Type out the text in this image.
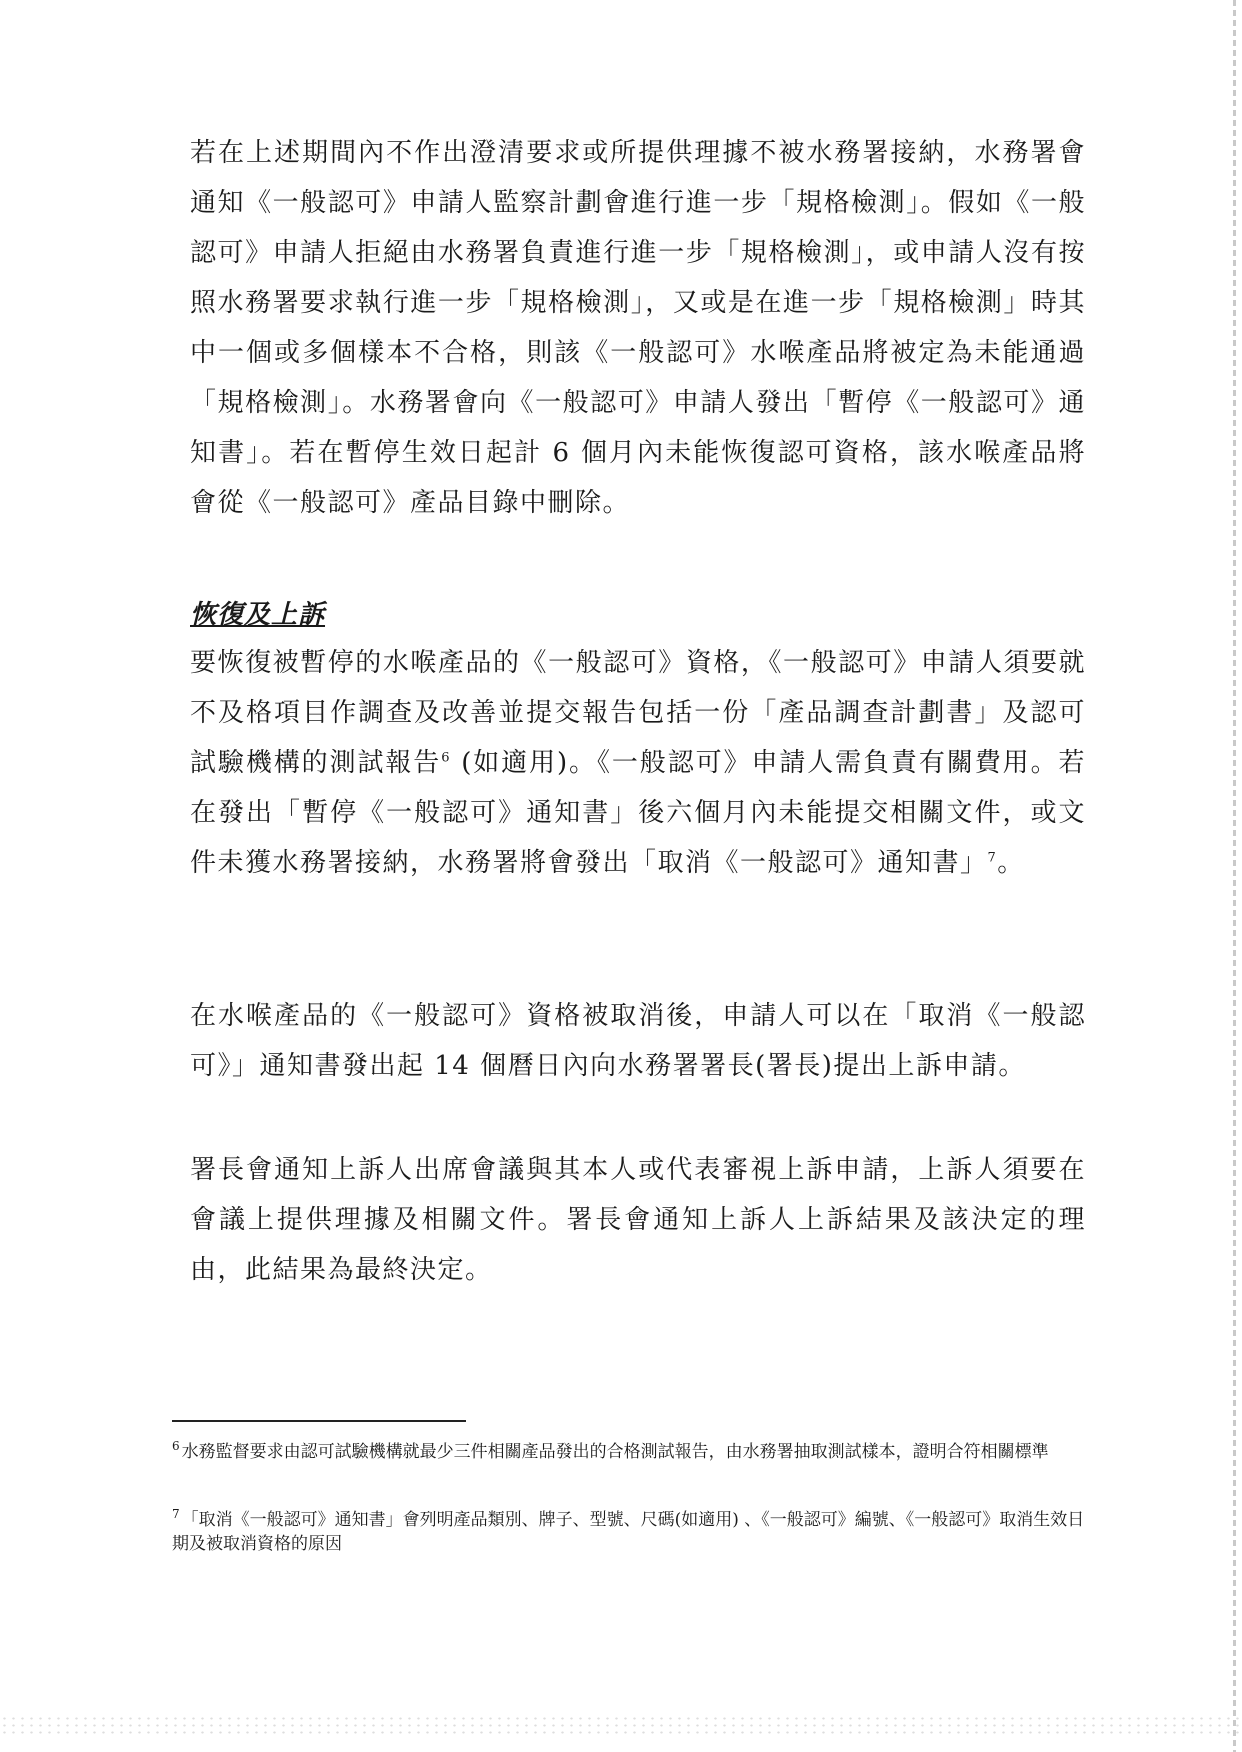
若在上述期間內不作出澄清要求或所提供理據不被水務署接納，水務署會通知《一般認可》申請人監察計劃會進行進一步「規格檢測」。假如《一般認可》申請人拒絕由水務署負責進行進一步「規格檢測」，或申請人沒有按照水務署要求執行進一步「規格檢測」，又或是在進一步「規格檢測」時其中一個或多個樣本不合格，則該《一般認可》水喉產品將被定為未能通過「規格檢測」。水務署會向《一般認可》申請人發出「暫停《一般認可》通知書」。若在暫停生效日起計 6 個月內未能恢復認可資格，該水喉產品將會從《一般認可》產品目錄中刪除。

恢復及上訴

要恢復被暫停的水喉產品的《一般認可》資格，《一般認可》申請人須要就不及格項目作調查及改善並提交報告包括一份「產品調查計劃書」及認可試驗機構的測試報告$^6$ (如適用)。《一般認可》申請人需負責有關費用。若在發出「暫停《一般認可》通知書」後六個月內未能提交相關文件，或文件未獲水務署接納，水務署將會發出「取消《一般認可》通知書」$^7$。

在水喉產品的《一般認可》資格被取消後，申請人可以在「取消《一般認可》」通知書發出起 14 個曆日內向水務署署長(署長)提出上訴申請。

署長會通知上訴人出席會議與其本人或代表審視上訴申請，上訴人須要在會議上提供理據及相關文件。署長會通知上訴人上訴結果及該決定的理由，此結果為最終決定。

$^6$ 水務監督要求由認可試驗機構就最少三件相關產品發出的合格測試報告，由水務署抽取測試樣本，證明合符相關標準

$^7$ 「取消《一般認可》通知書」會列明產品類別、牌子、型號、尺碼(如適用) 、《一般認可》編號、《一般認可》取消生效日期及被取消資格的原因
